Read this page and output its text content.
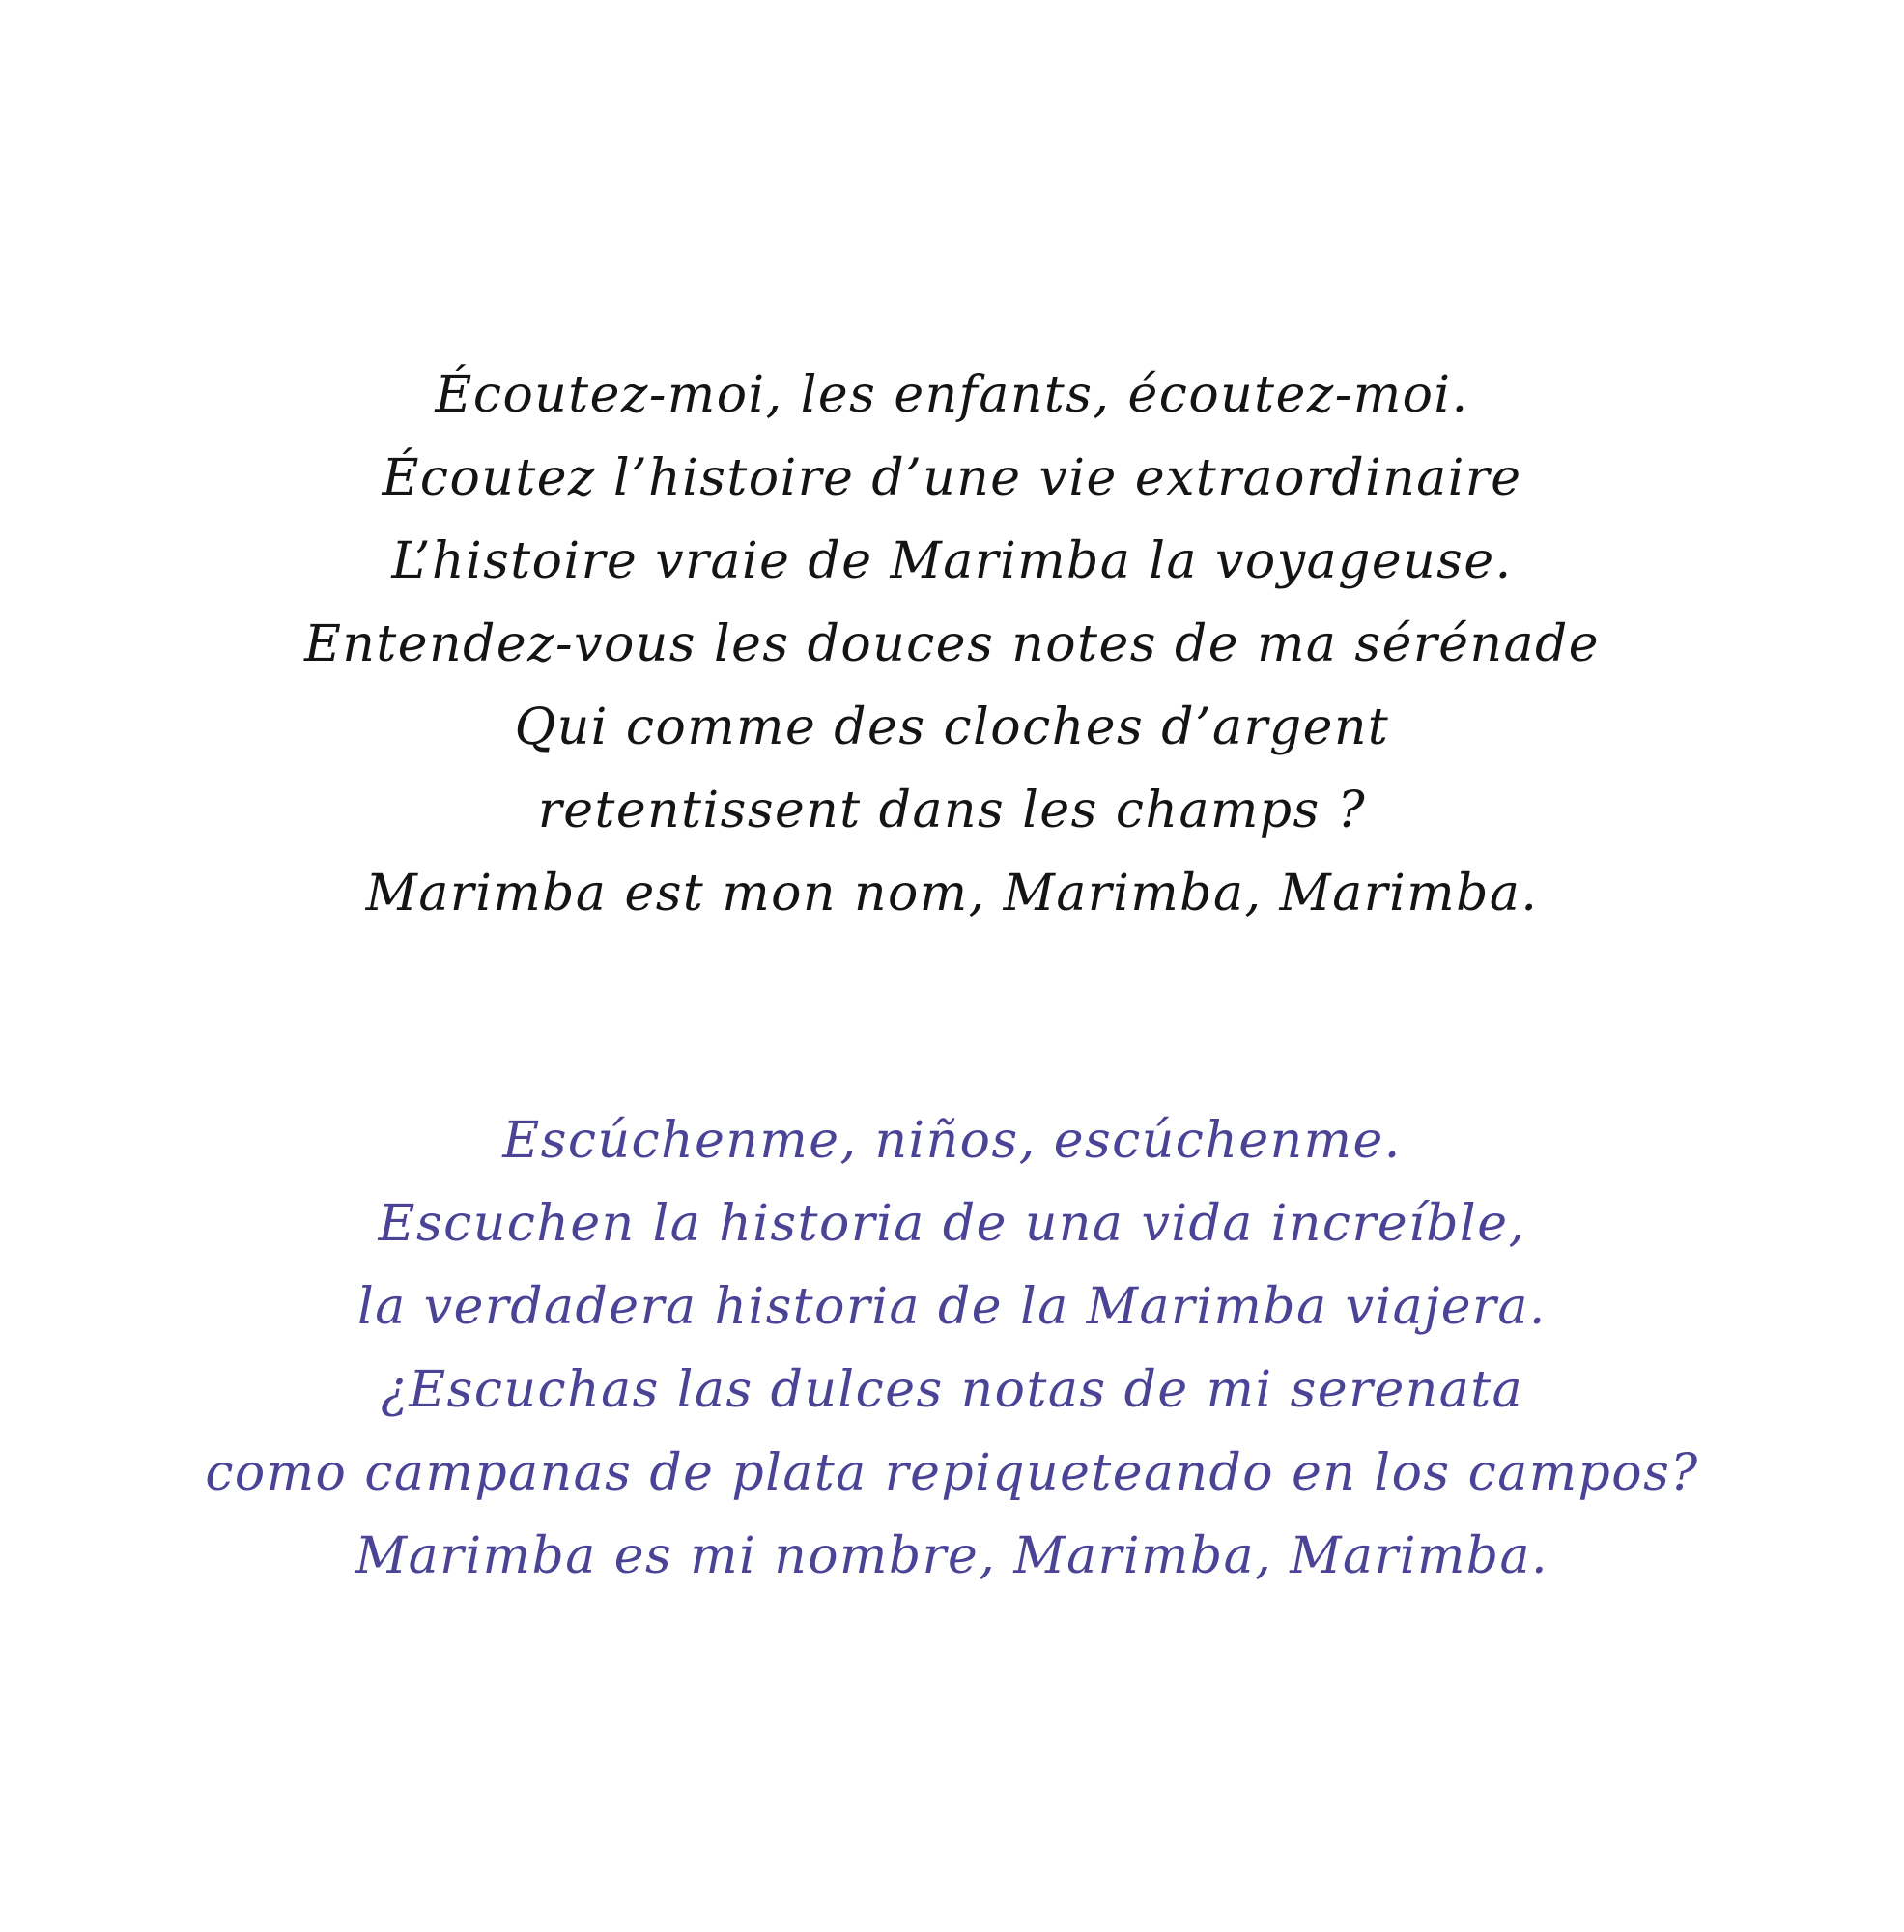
Écoutez-moi, les enfants, écoutez-moi.
Écoutez l’histoire d’une vie extraordinaire
L’histoire vraie de Marimba la voyageuse.
Entendez-vous les douces notes de ma sérénade
Qui comme des cloches d’argent
retentissent dans les champs ?
Marimba est mon nom, Marimba, Marimba.
Escúchenme, niños, escúchenme.
Escuchen la historia de una vida increíble,
la verdadera historia de la Marimba viajera.
¿Escuchas las dulces notas de mi serenata
como campanas de plata repiqueteando en los campos?
Marimba es mi nombre, Marimba, Marimba.
